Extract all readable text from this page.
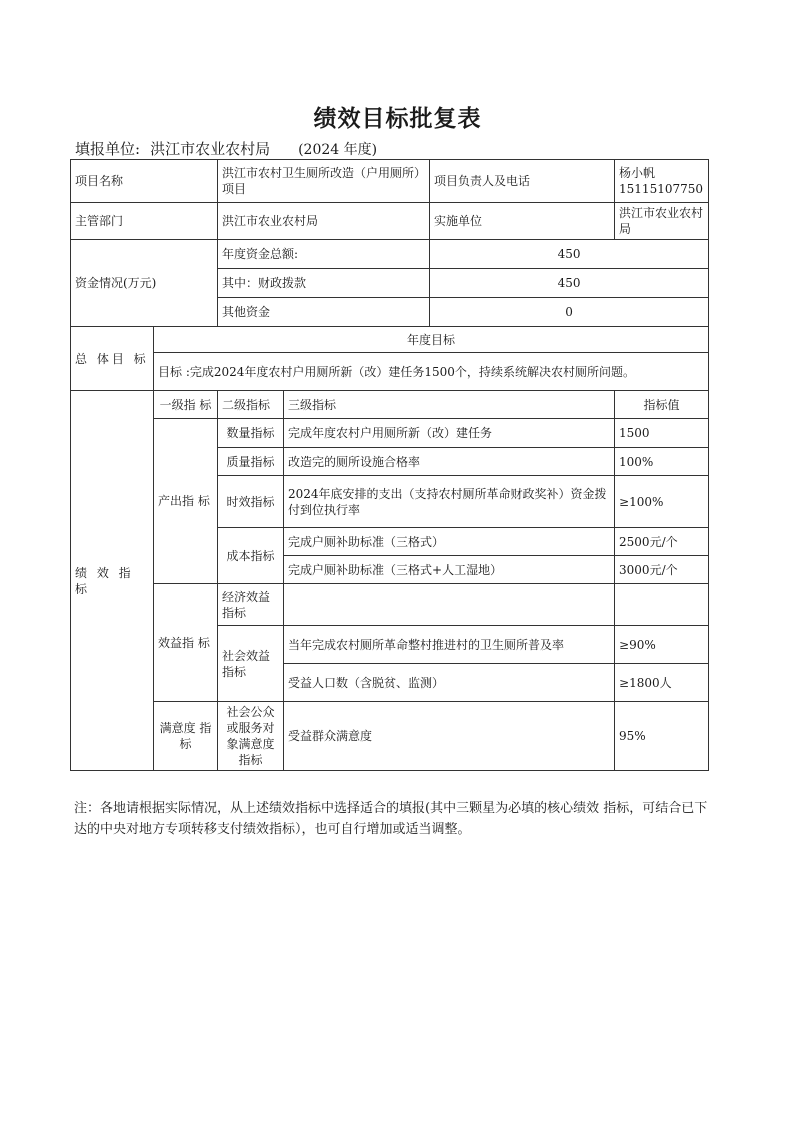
绩效目标批复表
填报单位: 洪江市农业农村局 (2024 年度)
项目名称		洪江市农村卫生厕所改造（户用厕所）项目		项目负责人及电话	杨小帆15115107750
主管部门		洪江市农业农村局		实施单位	洪江市农业农村局
资金情况(万元)		年度资金总额:		450	
		其中：财政拨款		450	
		其他资金		0	
总 体目 标	年度目标				
	目标 :完成2024年度农村户用厕所新（改）建任务1500个，持续系统解决农村厕所问题。				
绩 效 指 标	一级指 标	二级指标	三级指标		指标值
	产出指 标	数量指标	完成年度农村户用厕所新（改）建任务		1500
		质量指标	改造完的厕所设施合格率		100%
		时效指标	2024年底安排的支出（支持农村厕所革命财政奖补）资金拨付到位执行率		≥100%
		成本指标	完成户厕补助标准（三格式）		2500元/个
			完成户厕补助标准（三格式+人工湿地）		3000元/个
	效益指 标	经济效益指标			
		社会效益指标	当年完成农村厕所革命整村推进村的卫生厕所普及率		≥90%
			受益人口数（含脱贫、监测）		≥1800人
	满意度 指 标	社会公众或服务对象满意度指标	受益群众满意度		95%
注：各地请根据实际情况，从上述绩效指标中选择适合的填报(其中三颗星为必填的核心绩效 指标，可结合已下达的中央对地方专项转移支付绩效指标），也可自行增加或适当调整。
